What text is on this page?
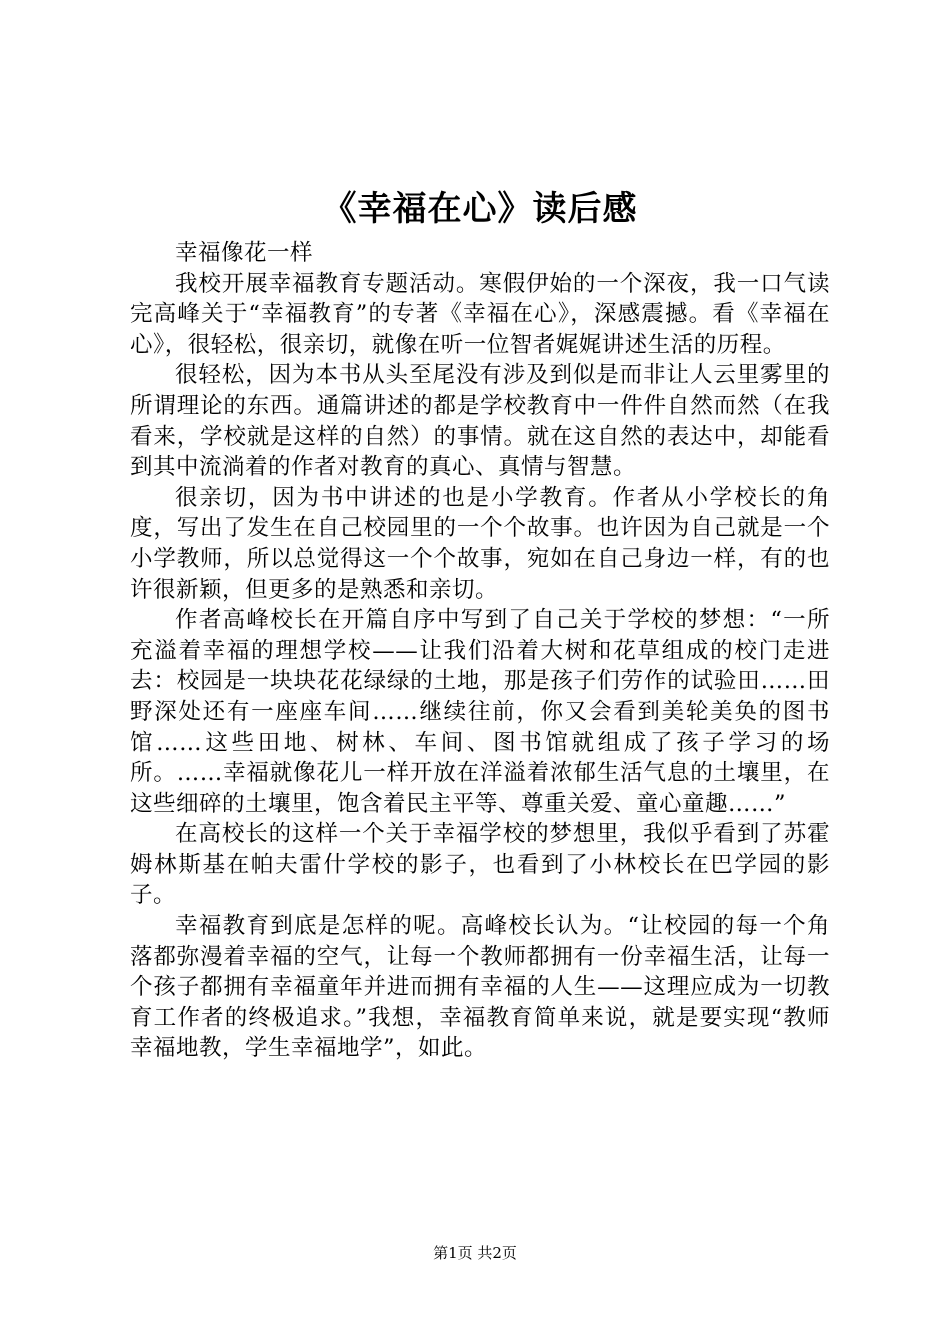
《幸福在心》读后感

幸福像花一样

我校开展幸福教育专题活动。寒假伊始的一个深夜，我一口气读完高峰关于“幸福教育”的专著《幸福在心》，深感震撼。看《幸福在心》，很轻松，很亲切，就像在听一位智者娓娓讲述生活的历程。

很轻松，因为本书从头至尾没有涉及到似是而非让人云里雾里的所谓理论的东西。通篇讲述的都是学校教育中一件件自然而然（在我看来，学校就是这样的自然）的事情。就在这自然的表达中，却能看到其中流淌着的作者对教育的真心、真情与智慧。

很亲切，因为书中讲述的也是小学教育。作者从小学校长的角度，写出了发生在自己校园里的一个个故事。也许因为自己就是一个小学教师，所以总觉得这一个个故事，宛如在自己身边一样，有的也许很新颖，但更多的是熟悉和亲切。

作者高峰校长在开篇自序中写到了自己关于学校的梦想：“一所充溢着幸福的理想学校——让我们沿着大树和花草组成的校门走进去：校园是一块块花花绿绿的土地，那是孩子们劳作的试验田……田野深处还有一座座车间……继续往前，你又会看到美轮美奂的图书馆……这些田地、树林、车间、图书馆就组成了孩子学习的场所。……幸福就像花儿一样开放在洋溢着浓郁生活气息的土壤里，在这些细碎的土壤里，饱含着民主平等、尊重关爱、童心童趣……”

在高校长的这样一个关于幸福学校的梦想里，我似乎看到了苏霍姆林斯基在帕夫雷什学校的影子，也看到了小林校长在巴学园的影子。

幸福教育到底是怎样的呢。高峰校长认为。“让校园的每一个角落都弥漫着幸福的空气，让每一个教师都拥有一份幸福生活，让每一个孩子都拥有幸福童年并进而拥有幸福的人生——这理应成为一切教育工作者的终极追求。”我想，幸福教育简单来说，就是要实现“教师幸福地教，学生幸福地学”，如此。

第1页 共2页
